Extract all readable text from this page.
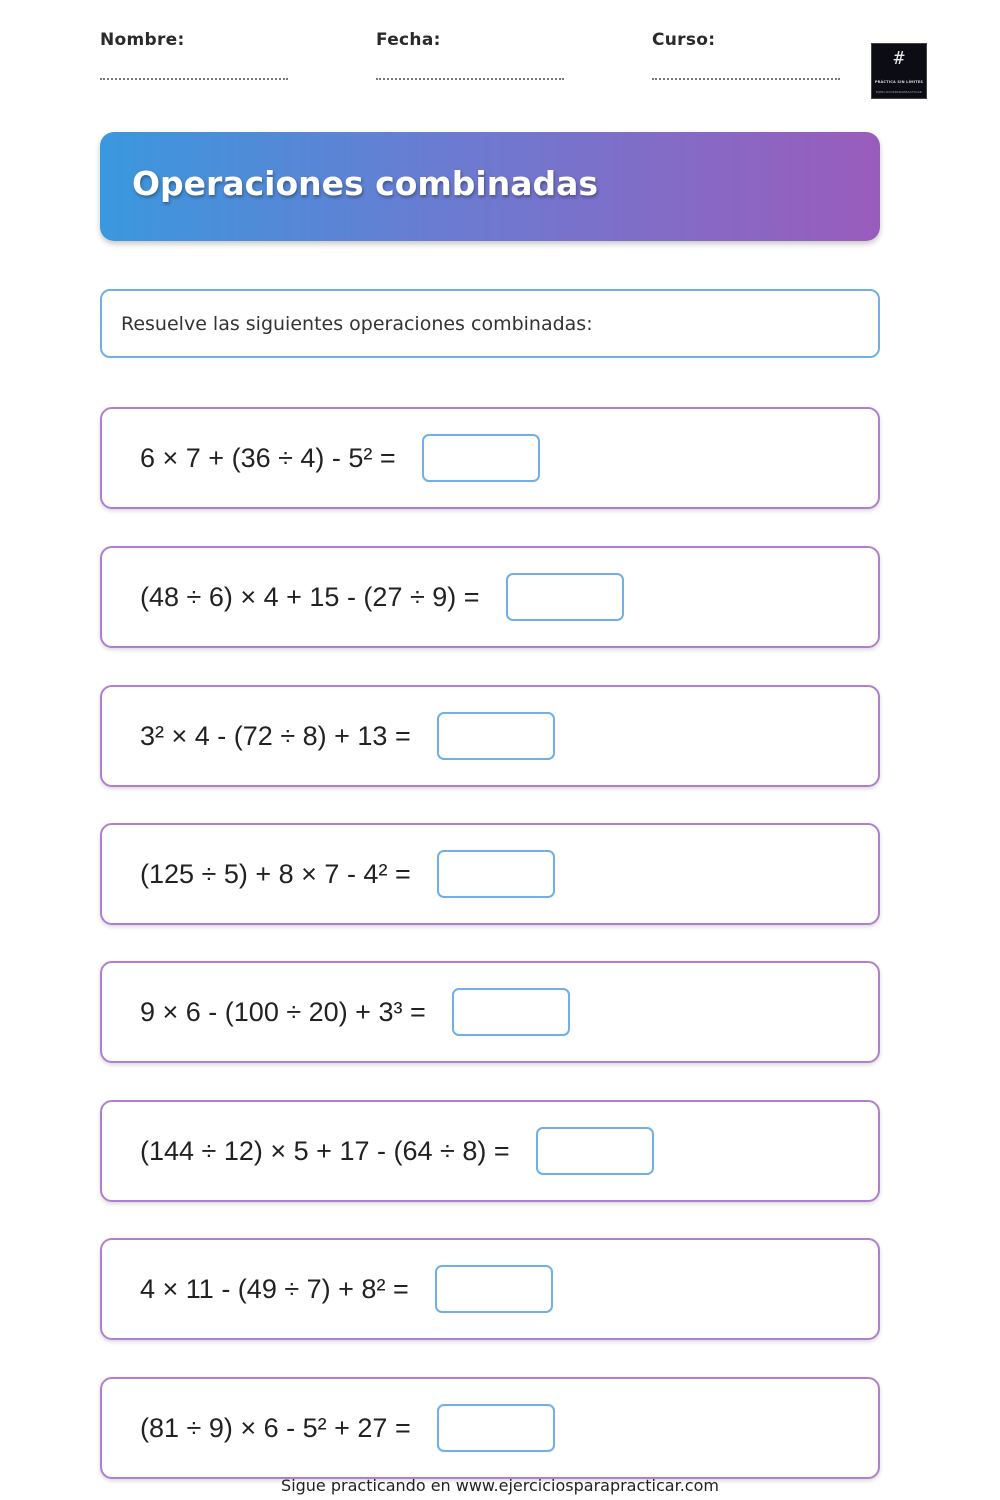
Nombre:	Fecha:	Curso:
#
PRÁCTICA SIN LÍMITES
EJERCICIOSPARAPRACTICAR
Operaciones combinadas
Resuelve las siguientes operaciones combinadas:
6 × 7 + (36 ÷ 4) - 5² =
(48 ÷ 6) × 4 + 15 - (27 ÷ 9) =
3² × 4 - (72 ÷ 8) + 13 =
(125 ÷ 5) + 8 × 7 - 4² =
9 × 6 - (100 ÷ 20) + 3³ =
(144 ÷ 12) × 5 + 17 - (64 ÷ 8) =
4 × 11 - (49 ÷ 7) + 8² =
(81 ÷ 9) × 6 - 5² + 27 =
Sigue practicando en www.ejerciciosparapracticar.com
